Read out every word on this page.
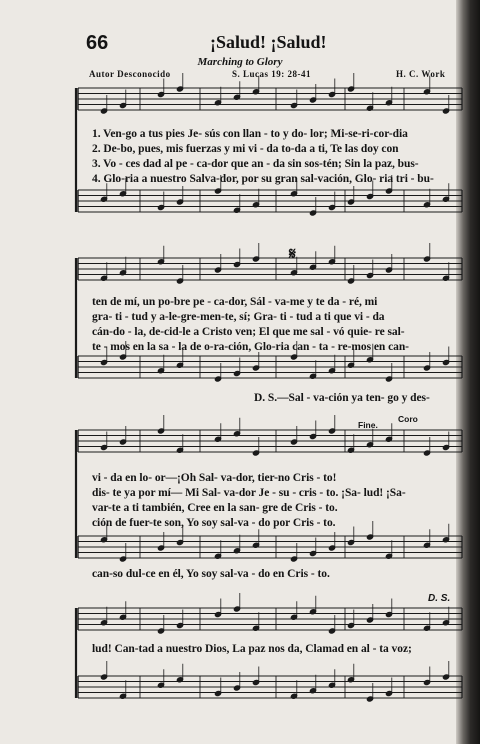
66	¡Salud! ¡Salud!
Marching to Glory
Autor Desconocido	S. Lucas 19: 28-41	H. C. Work
1. Ven-go a tus pies Je- sús con llan - to y do- lor; Mi-se-ri-cor-dia
2. De-bo, pues, mis fuerzas y mi vi - da to-da a ti, Te las doy con
3. Vo - ces dad al pe - ca-dor que an - da sin sos-tén; Sin la paz, bus-
4. Glo-ria a nuestro Salva-dor, por su gran sal-vación, Glo- ria tri - bu-
𝄋
ten de mí, un po-bre pe - ca-dor, Sál - va-me y te da - ré, mi
gra- ti - tud y a-le-gre-men-te, sí; Gra- ti - tud a ti que vi - da
cán-do - la, de-cid-le a Cristo ven; El que me sal - vó quie- re sal-
te - mos en la sa - la de o-ra-ción, Glo-ria can - ta - re-mos en can-
D. S.—Sal - va-ción ya ten- go y des-
Fine.
Coro
vi - da en lo- or—¡Oh Sal- va-dor, tier-no Cris - to!
dis- te ya por mí— Mi Sal- va-dor Je - su - cris - to. ¡Sa- lud! ¡Sa-
var-te a ti también, Cree en la san- gre de Cris - to.
ción de fuer-te son, Yo soy sal-va - do por Cris - to.
can-so dul-ce en él, Yo soy sal-va - do en Cris - to.
D. S.
lud! Can-tad a nuestro Dios, La paz nos da, Clamad en al - ta voz;
